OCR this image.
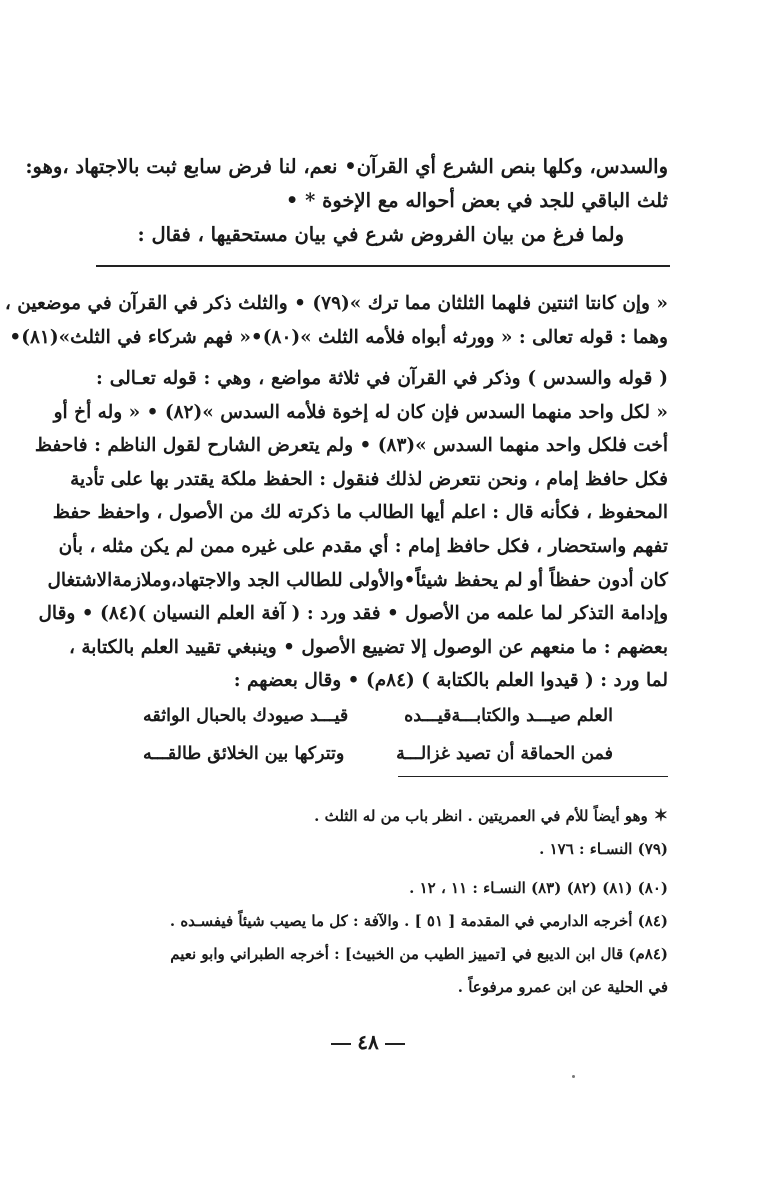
والسدس، وكلها بنص الشرع أي القرآن• نعم، لنا فرض سابع ثبت بالاجتهاد ،وهو:
ثلث الباقي للجد في بعض أحواله مع الإخوة * •
ولما فرغ من بيان الفروض شرع في بيان مستحقيها ، فقال :
« وإن كانتا اثنتين فلهما الثلثان مما ترك »(٧٩) • والثلث ذكر في القرآن في موضعين ،
وهما : قوله تعالى : « وورثه أبواه فلأمه الثلث »(٨٠)•« فهم شركاء في الثلث»(٨١)•
( قوله والسدس ) وذكر في القرآن في ثلاثة مواضع ، وهي : قوله تعـالى :
« لكل واحد منهما السدس فإن كان له إخوة فلأمه السدس »(٨٢) • « وله أخ أو
أخت فلكل واحد منهما السدس »(٨٣) • ولم يتعرض الشارح لقول الناظم : فاحفظ
فكل حافظ إمام ، ونحن نتعرض لذلك فنقول : الحفظ ملكة يقتدر بها على تأدية
المحفوظ ، فكأنه قال : اعلم أيها الطالب ما ذكرته لك من الأصول ، واحفظ حفظ
تفهم واستحضار ، فكل حافظ إمام : أي مقدم على غيره ممن لم يكن مثله ، بأن
كان أدون حفظاً أو لم يحفظ شيئاً•والأولى للطالب الجد والاجتهاد،وملازمةالاشتغال
وإدامة التذكر لما علمه من الأصول • فقد ورد : ( آفة العلم النسيان )(٨٤) • وقال
بعضهم : ما منعهم عن الوصول إلا تضييع الأصول • وينبغي تقييد العلم بالكتابة ،
لما ورد : ( قيدوا العلم بالكتابة ) (٨٤م) • وقال بعضهم :
العلم صيـــد والكتابـــةقيـــده
قيـــد صيودك بالحبال الواثقه
فمن الحماقة أن تصيد غزالـــة
وتتركها بين الخلائق طالقـــه
✶وهو أيضاً للأم في العمريتين . انظر باب من له الثلث .
(٧٩) النسـاء : ١٧٦ .
(٨٠) (٨١) (٨٢) (٨٣) النسـاء : ١١ ، ١٢ .
(٨٤) أخرجه الدارمي في المقدمة [ ٥١ ] . والآفة : كل ما يصيب شيئاً فيفسـده .
(٨٤م) قال ابن الديبع في [تمييز الطيب من الخبيث] : أخرجه الطبراني وابو نعيم
في الحلية عن ابن عمرو مرفوعاً .
٤٨
